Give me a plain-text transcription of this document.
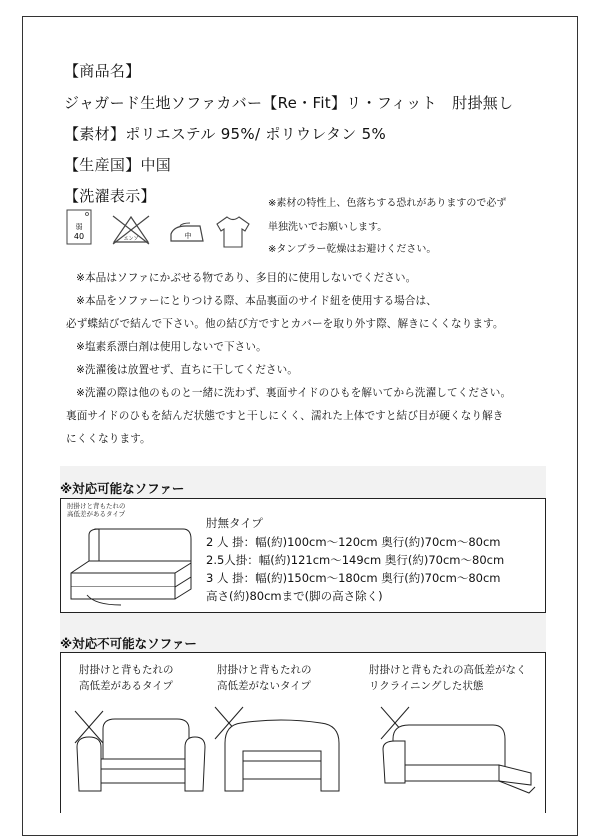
【商品名】
ジャガード生地ソファカバー【Re・Fit】リ・フィット　肘掛無し
【素材】ポリエステル 95%/ ポリウレタン 5%
【生産国】中国
【洗濯表示】
弱
40	エンソ	中
※素材の特性上、色落ちする恐れがありますので必ず
単独洗いでお願いします。
※タンブラー乾燥はお避けください。
※本品はソファにかぶせる物であり、多目的に使用しないでください。
※本品をソファーにとりつける際、本品裏面のサイド紐を使用する場合は、
必ず蝶結びで結んで下さい。他の結び方ですとカバーを取り外す際、解きにくくなります。
※塩素系漂白剤は使用しないで下さい。
※洗濯後は放置せず、直ちに干してください。
※洗濯の際は他のものと一緒に洗わず、裏面サイドのひもを解いてから洗濯してください。
裏面サイドのひもを結んだ状態ですと干しにくく、濡れた上体ですと結び目が硬くなり解き
にくくなります。
※対応可能なソファー
肘掛けと背もたれの
高低差があるタイプ
肘無タイプ
2 人 掛：幅(約)100cm～120cm 奥行(約)70cm～80cm
2.5人掛：幅(約)121cm～149cm 奥行(約)70cm～80cm
3 人 掛：幅(約)150cm～180cm 奥行(約)70cm～80cm
高さ(約)80cmまで(脚の高さ除く)
※対応不可能なソファー
肘掛けと背もたれの
高低差があるタイプ
肘掛けと背もたれの
高低差がないタイプ
肘掛けと背もたれの高低差がなく
リクライニングした状態
